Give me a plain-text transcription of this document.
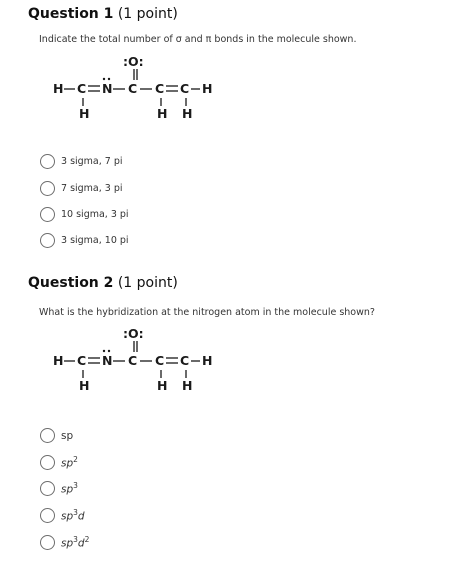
Question 1 (1 point)
Indicate the total number of σ and π bonds in the molecule shown.
:O:
H C N C C C H
H	H H
3 sigma, 7 pi
7 sigma, 3 pi
10 sigma, 3 pi
3 sigma, 10 pi
Question 2 (1 point)
What is the hybridization at the nitrogen atom in the molecule shown?
:O:
H C N C C C H
H	H H
sp
$sp^2$
$sp^3$
$sp^3d$
$sp^3d^2$
